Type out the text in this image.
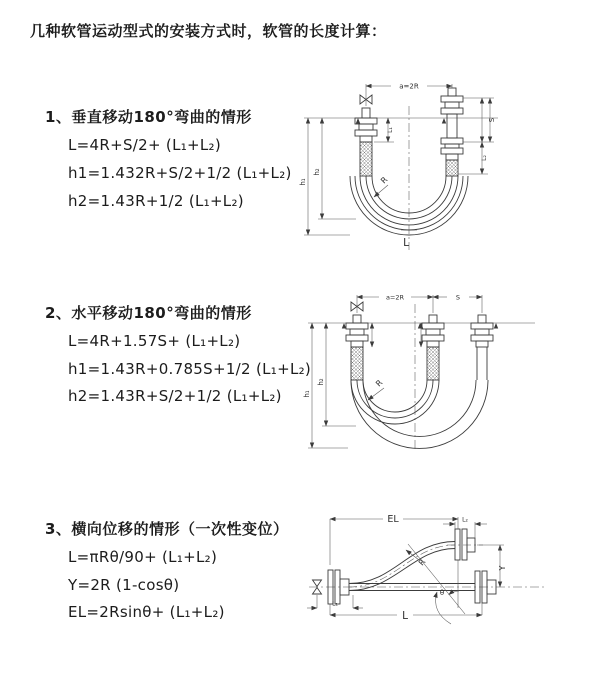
几种软管运动型式的安装方式时，软管的长度计算：
1、垂直移动180°弯曲的情形
L=4R+S/2+ (L₁+L₂)
h1=1.432R+S/2+1/2 (L₁+L₂)
h2=1.43R+1/2 (L₁+L₂)
2、水平移动180°弯曲的情形
L=4R+1.57S+ (L₁+L₂)
h1=1.43R+0.785S+1/2 (L₁+L₂)
h2=1.43R+S/2+1/2 (L₁+L₂)
3、横向位移的情形（一次性变位）
L=πRθ/90+ (L₁+L₂)
Y=2R (1-cosθ)
EL=2Rsinθ+ (L₁+L₂)
a=2R
h₁
h₂
S
L₂
L₁
R
L
a=2R	S
h₁
h₂	R
EL	L₂
Y
L
L₁
R
θ
